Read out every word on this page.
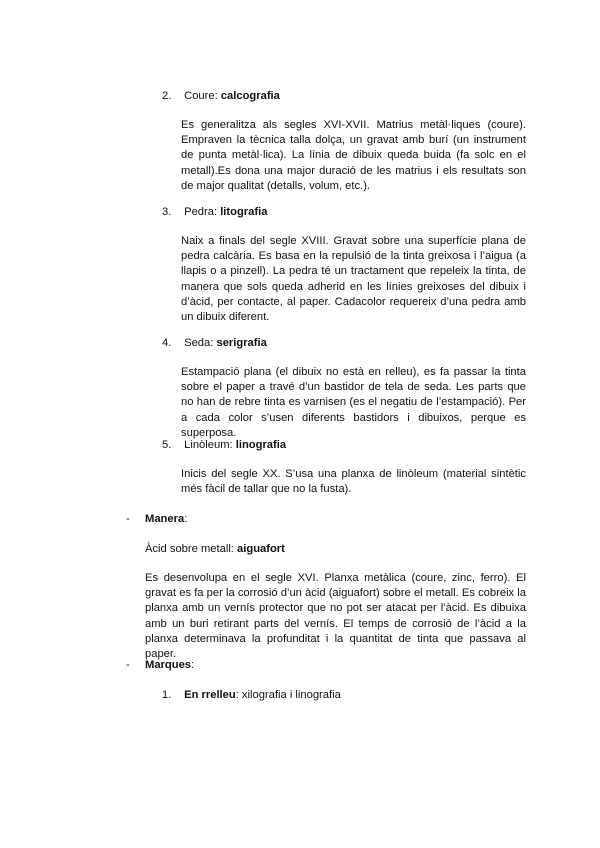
2. Coure: calcografia
Es generalitza als segles XVI-XVII. Matrius metàl·liques (coure). Empraven la tècnica talla dolça, un gravat amb burí (un instrument de punta metàl·lica). La línia de dibuix queda buida (fa solc en el metall).Es dona una major duració de les matrius i els resultats son de major qualitat (detalls, volum, etc.).
3. Pedra: litografia
Naix a finals del segle XVIII. Gravat sobre una superfície plana de pedra calcària. Es basa en la repulsió de la tinta greixosa i l’aigua (a llapis o a pinzell). La pedra té un tractament que repeleix la tinta, de manera que sols queda adherid en les línies greixoses del dibuix i d’àcid, per contacte, al paper. Cadacolor requereix d’una pedra amb un dibuix diferent.
4. Seda: serigrafia
Estampació plana (el dibuix no està en relleu), es fa passar la tinta sobre el paper a travé d’un bastidor de tela de seda. Les parts que no han de rebre tinta es varnisen (es el negatiu de l’estampació). Per a cada color s’usen diferents bastidors i dibuixos, perque es superposa.
5. Linòleum: linografia
Inicis del segle XX. S’usa una planxa de linòleum (material sintètic més fàcil de tallar que no la fusta).
- Manera:
Àcid sobre metall: aiguafort
Es desenvolupa en el segle XVI. Planxa metàlica (coure, zinc, ferro). El gravat es fa per la corrosió d’un àcid (aiguafort) sobre el metall. Es cobreix la planxa amb un vernís protector que no pot ser atacat per l’àcid. Es dibuixa amb un buri retirant parts del vernís. El temps de corrosió de l’àcid a la planxa determinava la profunditat i la quantitat de tinta que passava al paper.
- Marques:
1. En rrelleu: xilografia i linografia
